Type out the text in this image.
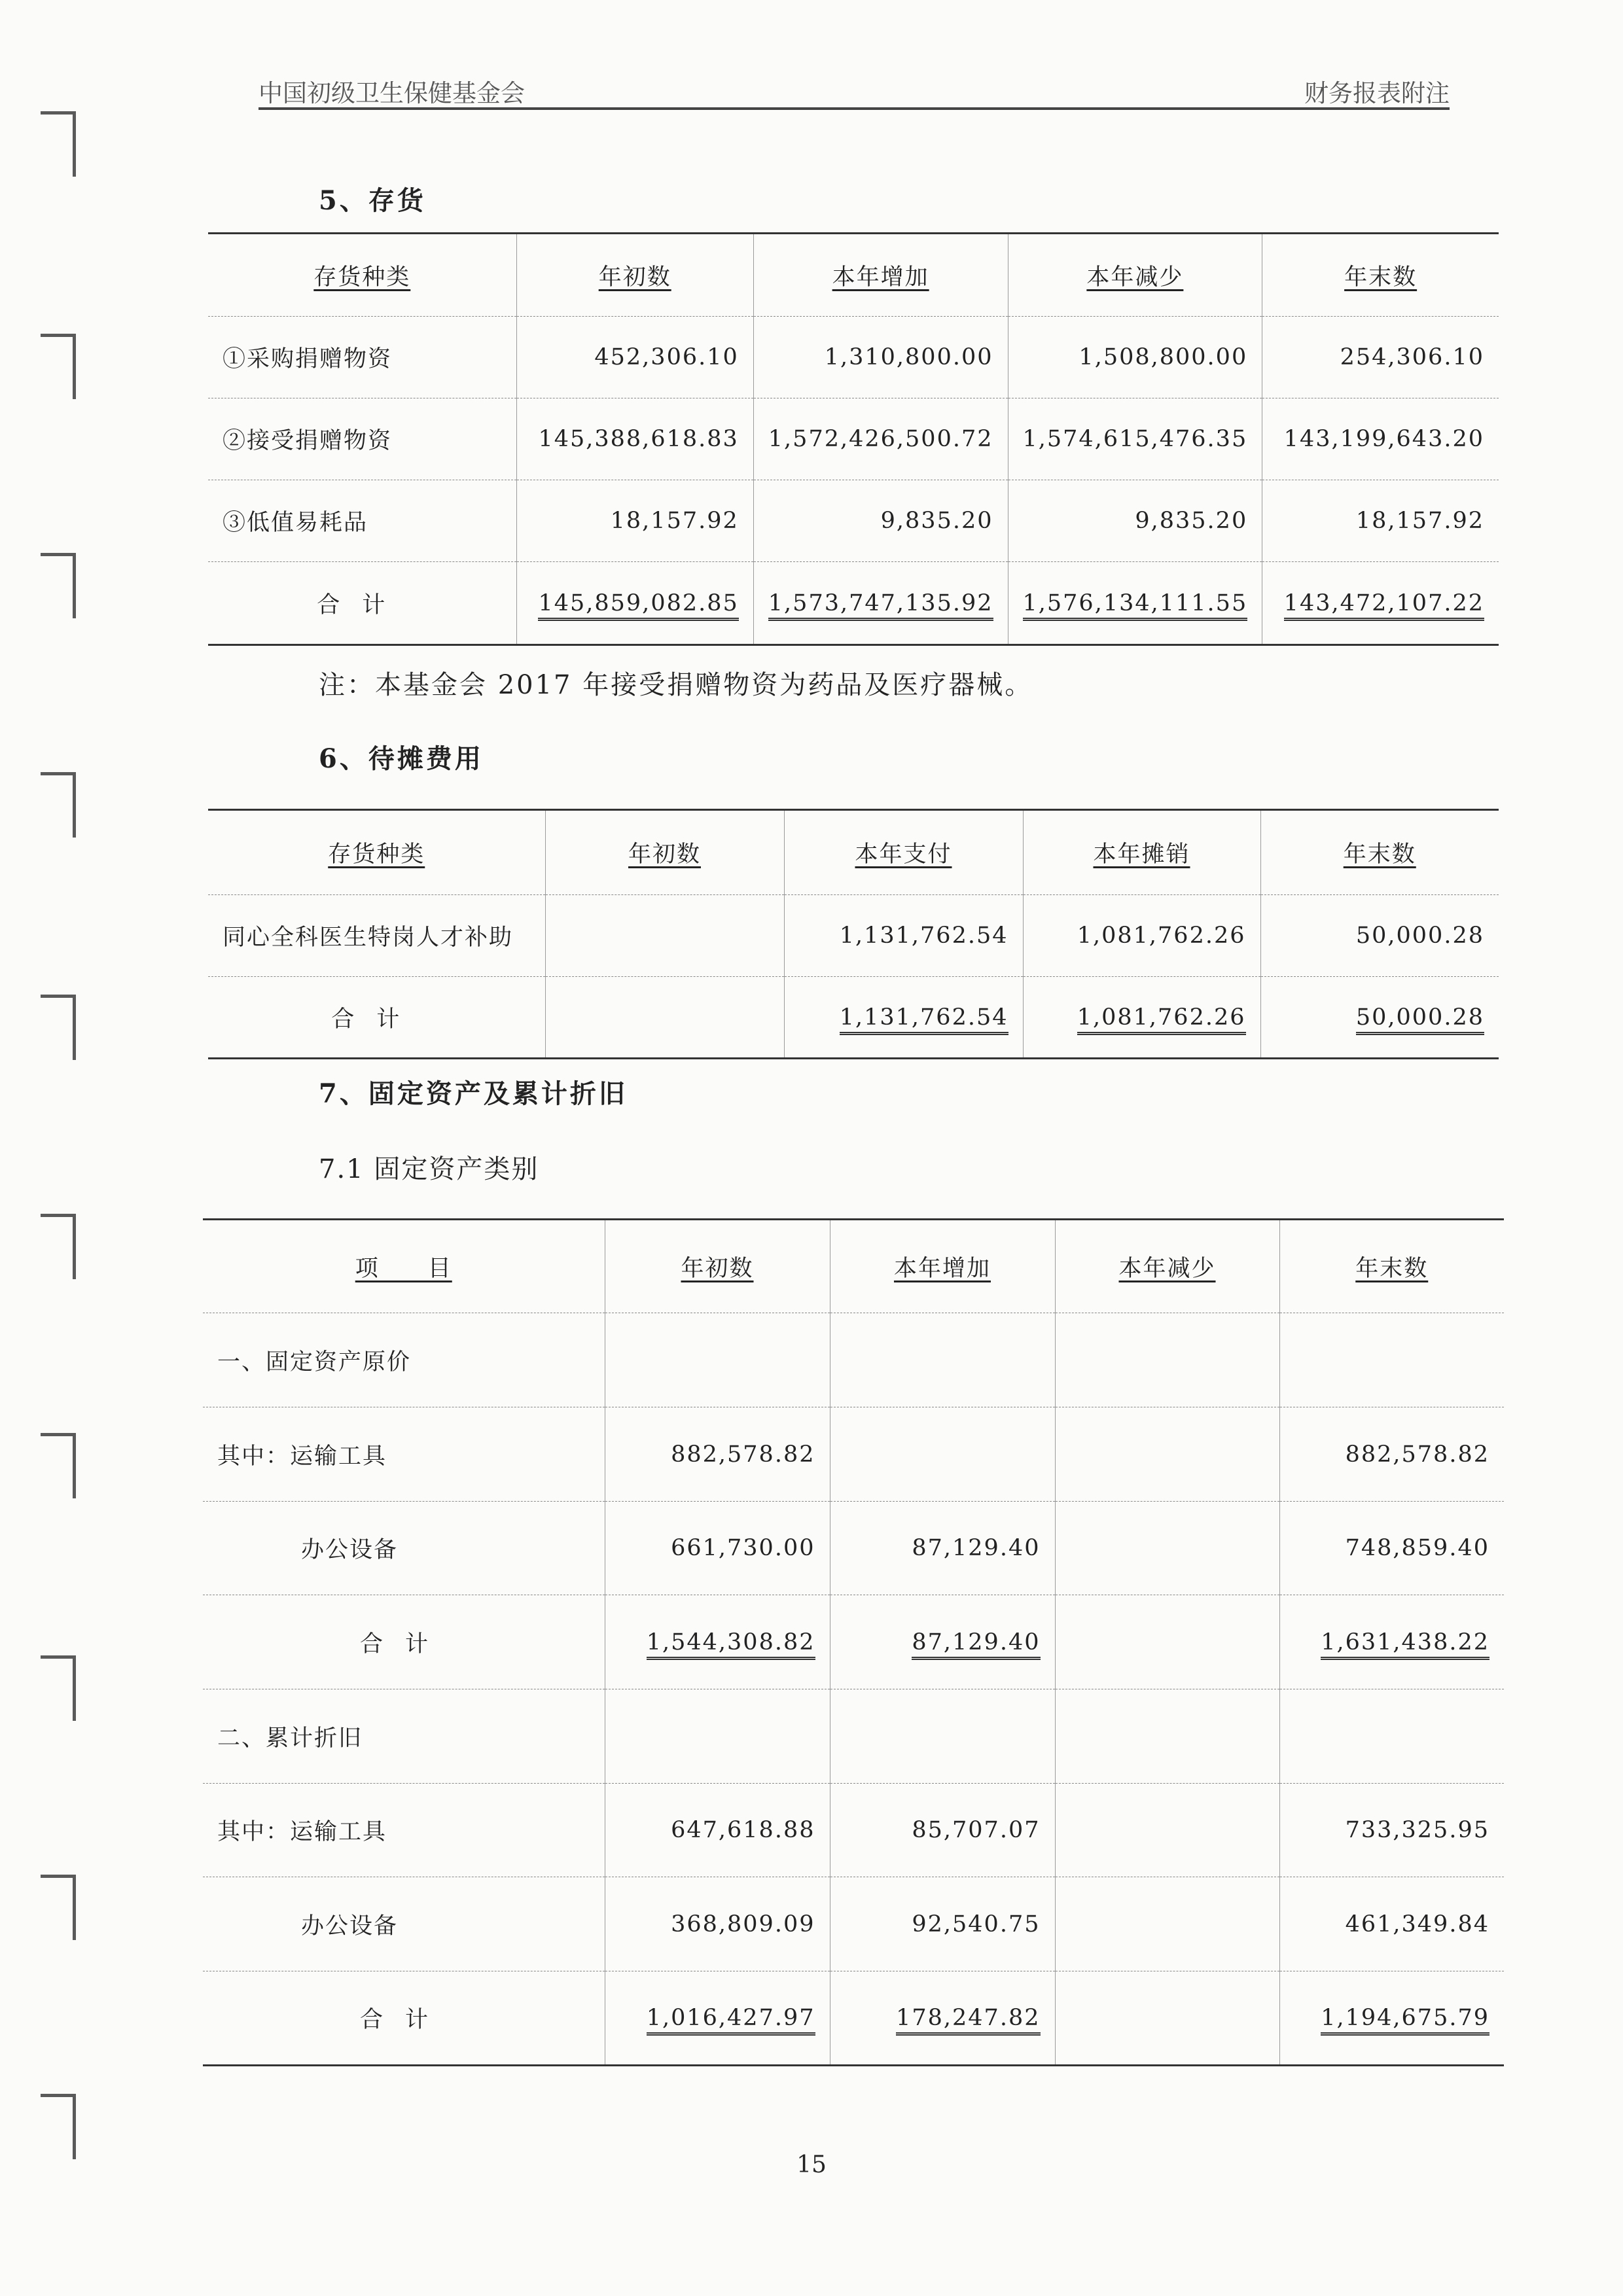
中国初级卫生保健基金会	财务报表附注
5、存货
存货种类	年初数	本年增加	本年减少	年末数
①采购捐赠物资	452,306.10	1,310,800.00	1,508,800.00	254,306.10
②接受捐赠物资	145,388,618.83	1,572,426,500.72	1,574,615,476.35	143,199,643.20
③低值易耗品	18,157.92	9,835.20	9,835.20	18,157.92
合计	145,859,082.85	1,573,747,135.92	1,576,134,111.55	143,472,107.22
注：本基金会 2017 年接受捐赠物资为药品及医疗器械。
6、待摊费用
存货种类	年初数	本年支付	本年摊销	年末数
同心全科医生特岗人才补助		1,131,762.54	1,081,762.26	50,000.28
合计		1,131,762.54	1,081,762.26	50,000.28
7、固定资产及累计折旧
7.1 固定资产类别
项　　目	年初数	本年增加	本年减少	年末数
一、固定资产原价				
其中：运输工具	882,578.82			882,578.82
办公设备	661,730.00	87,129.40		748,859.40
合计	1,544,308.82	87,129.40		1,631,438.22
二、累计折旧				
其中：运输工具	647,618.88	85,707.07		733,325.95
办公设备	368,809.09	92,540.75		461,349.84
合计	1,016,427.97	178,247.82		1,194,675.79
15
